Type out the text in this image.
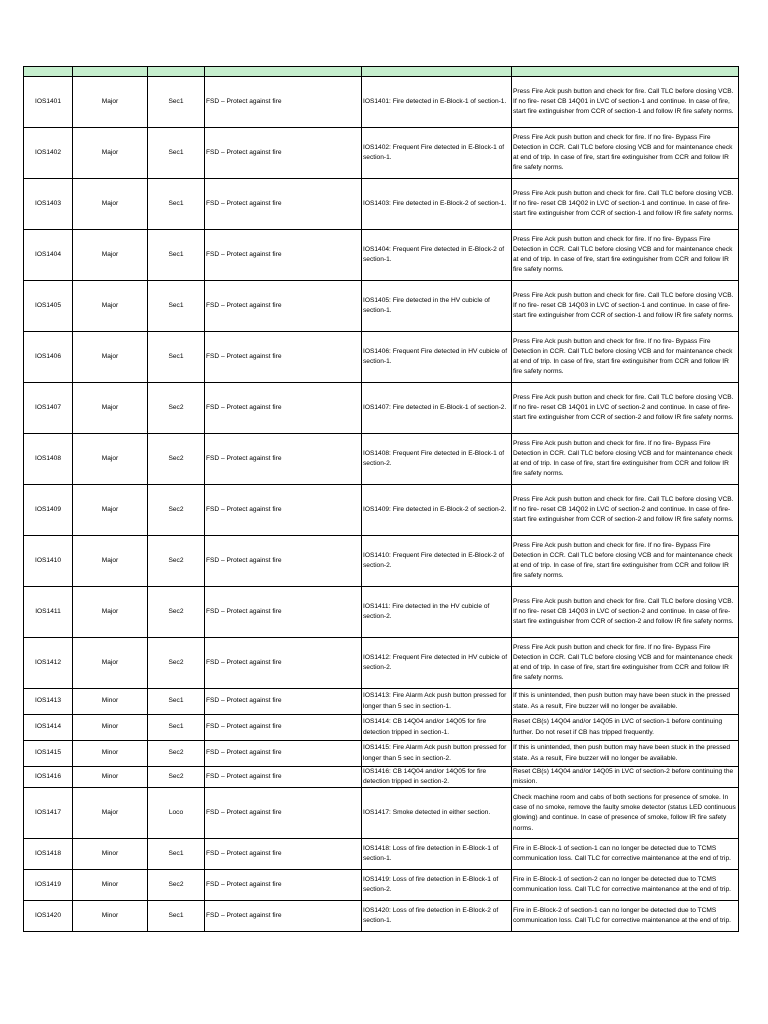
IOS1401	Major	Sec1	FSD – Protect against fire	IOS1401: Fire detected in E-Block-1 of section-1.	Press Fire Ack push button and check for fire. Call TLC before closing VCB. If no fire- reset CB 14Q01 in LVC of section-1 and continue. In case of fire, start fire extinguisher from CCR of section-1 and follow IR fire safety norms.
IOS1402	Major	Sec1	FSD – Protect against fire	IOS1402: Frequent Fire detected in E-Block-1 of section-1.	Press Fire Ack push button and check for fire. If no fire- Bypass Fire Detection in CCR. Call TLC before closing VCB and for maintenance check at end of trip. In case of fire, start fire extinguisher from CCR and follow IR fire safety norms.
IOS1403	Major	Sec1	FSD – Protect against fire	IOS1403: Fire detected in E-Block-2 of section-1.	Press Fire Ack push button and check for fire. Call TLC before closing VCB. If no fire- reset CB 14Q02 in LVC of section-1 and continue. In case of fire- start fire extinguisher from CCR of section-1 and follow IR fire safety norms.
IOS1404	Major	Sec1	FSD – Protect against fire	IOS1404: Frequent Fire detected in E-Block-2 of section-1.	Press Fire Ack push button and check for fire. If no fire- Bypass Fire Detection in CCR. Call TLC before closing VCB and for maintenance check at end of trip. In case of fire, start fire extinguisher from CCR and follow IR fire safety norms.
IOS1405	Major	Sec1	FSD – Protect against fire	IOS1405: Fire detected in the HV cubicle of section-1.	Press Fire Ack push button and check for fire. Call TLC before closing VCB. If no fire- reset CB 14Q03 in LVC of section-1 and continue. In case of fire- start fire extinguisher from CCR of section-1 and follow IR fire safety norms.
IOS1406	Major	Sec1	FSD – Protect against fire	IOS1406: Frequent Fire detected in HV cubicle of section-1.	Press Fire Ack push button and check for fire. If no fire- Bypass Fire Detection in CCR. Call TLC before closing VCB and for maintenance check at end of trip. In case of fire, start fire extinguisher from CCR and follow IR fire safety norms.
IOS1407	Major	Sec2	FSD – Protect against fire	IOS1407: Fire detected in E-Block-1 of section-2.	Press Fire Ack push button and check for fire. Call TLC before closing VCB. If no fire- reset CB 14Q01 in LVC of section-2 and continue. In case of fire- start fire extinguisher from CCR of section-2 and follow IR fire safety norms.
IOS1408	Major	Sec2	FSD – Protect against fire	IOS1408: Frequent Fire detected in E-Block-1 of section-2.	Press Fire Ack push button and check for fire. If no fire- Bypass Fire Detection in CCR. Call TLC before closing VCB and for maintenance check at end of trip. In case of fire, start fire extinguisher from CCR and follow IR fire safety norms.
IOS1409	Major	Sec2	FSD – Protect against fire	IOS1409: Fire detected in E-Block-2 of section-2.	Press Fire Ack push button and check for fire. Call TLC before closing VCB. If no fire- reset CB 14Q02 in LVC of section-2 and continue. In case of fire- start fire extinguisher from CCR of section-2 and follow IR fire safety norms.
IOS1410	Major	Sec2	FSD – Protect against fire	IOS1410: Frequent Fire detected in E-Block-2 of section-2.	Press Fire Ack push button and check for fire. If no fire- Bypass Fire Detection in CCR. Call TLC before closing VCB and for maintenance check at end of trip. In case of fire, start fire extinguisher from CCR and follow IR fire safety norms.
IOS1411	Major	Sec2	FSD – Protect against fire	IOS1411: Fire detected in the HV cubicle of section-2.	Press Fire Ack push button and check for fire. Call TLC before closing VCB. If no fire- reset CB 14Q03 in LVC of section-2 and continue. In case of fire- start fire extinguisher from CCR of section-2 and follow IR fire safety norms.
IOS1412	Major	Sec2	FSD – Protect against fire	IOS1412: Frequent Fire detected in HV cubicle of section-2.	Press Fire Ack push button and check for fire. If no fire- Bypass Fire Detection in CCR. Call TLC before closing VCB and for maintenance check at end of trip. In case of fire, start fire extinguisher from CCR and follow IR fire safety norms.
IOS1413	Minor	Sec1	FSD – Protect against fire	IOS1413: Fire Alarm Ack push button pressed for longer than 5 sec in section-1.	If this is unintended, then push button may have been stuck in the pressed state. As a result, Fire buzzer will no longer be available.
IOS1414	Minor	Sec1	FSD – Protect against fire	IOS1414: CB 14Q04 and/or 14Q05 for fire detection tripped in section-1.	Reset CB(s) 14Q04 and/or 14Q05 in LVC of section-1 before continuing further. Do not reset if CB has tripped frequently.
IOS1415	Minor	Sec2	FSD – Protect against fire	IOS1415: Fire Alarm Ack push button pressed for longer than 5 sec in section-2.	If this is unintended, then push button may have been stuck in the pressed state. As a result, Fire buzzer will no longer be available.
IOS1416	Minor	Sec2	FSD – Protect against fire	IOS1416: CB 14Q04 and/or 14Q05 for fire detection tripped in section-2.	Reset CB(s) 14Q04 and/or 14Q05 in LVC of section-2 before continuing the mission.
IOS1417	Major	Loco	FSD – Protect against fire	IOS1417: Smoke detected in either section.	Check machine room and cabs of both sections for presence of smoke. In case of no smoke, remove the faulty smoke detector (status LED continuous glowing) and continue. In case of presence of smoke, follow IR fire safety norms.
IOS1418	Minor	Sec1	FSD – Protect against fire	IOS1418: Loss of fire detection in E-Block-1 of section-1.	Fire in E-Block-1 of section-1 can no longer be detected due to TCMS communication loss. Call TLC for corrective maintenance at the end of trip.
IOS1419	Minor	Sec2	FSD – Protect against fire	IOS1419: Loss of fire detection in E-Block-1 of section-2.	Fire in E-Block-1 of section-2 can no longer be detected due to TCMS communication loss. Call TLC for corrective maintenance at the end of trip.
IOS1420	Minor	Sec1	FSD – Protect against fire	IOS1420: Loss of fire detection in E-Block-2 of section-1.	Fire in E-Block-2 of section-1 can no longer be detected due to TCMS communication loss. Call TLC for corrective maintenance at the end of trip.
